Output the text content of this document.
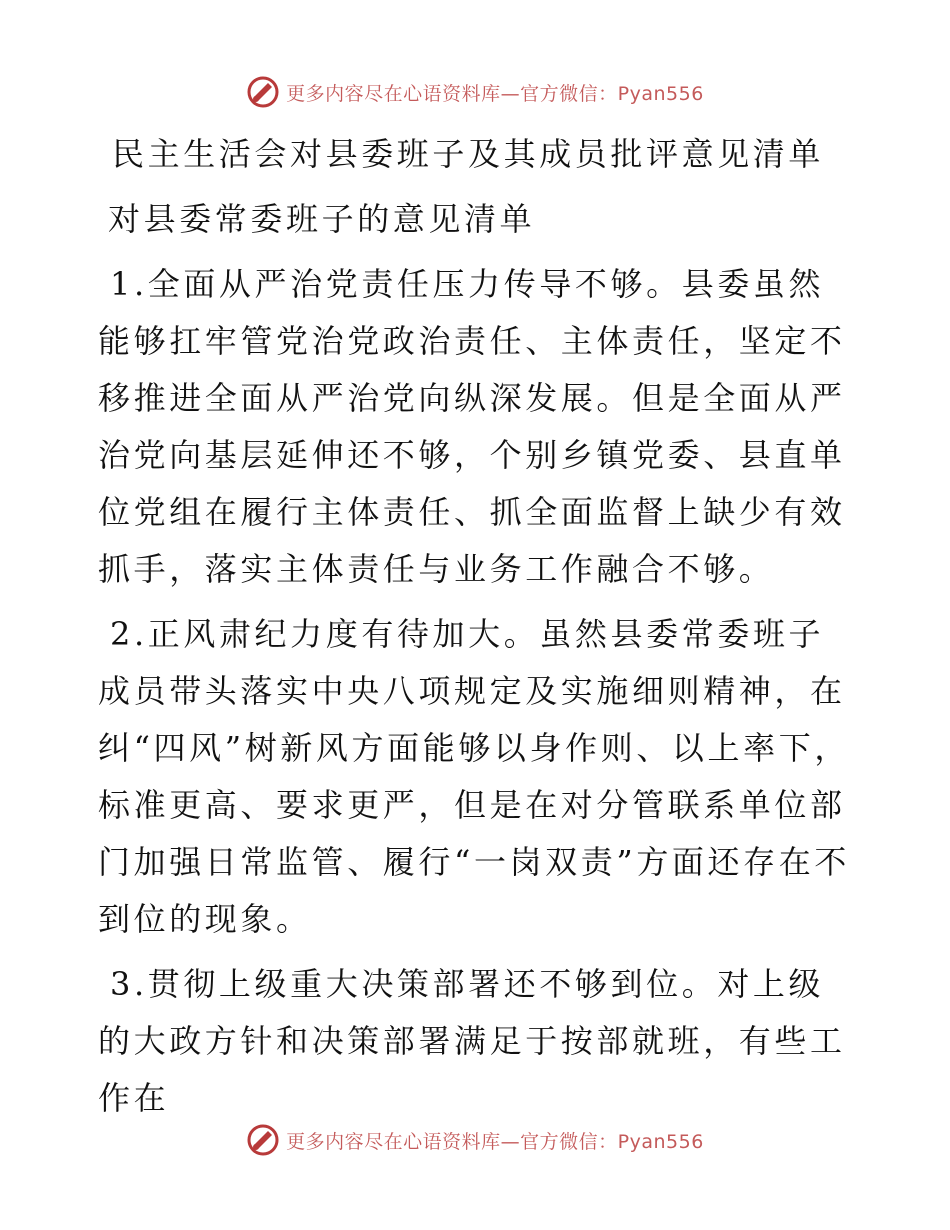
更多内容尽在心语资料库—官方微信：Pyan556
民主生活会对县委班子及其成员批评意见清单
对县委常委班子的意见清单

1.全面从严治党责任压力传导不够。县委虽然能够扛牢管党治党政治责任、主体责任，坚定不移推进全面从严治党向纵深发展。但是全面从严治党向基层延伸还不够，个别乡镇党委、县直单位党组在履行主体责任、抓全面监督上缺少有效抓手，落实主体责任与业务工作融合不够。

2.正风肃纪力度有待加大。虽然县委常委班子成员带头落实中央八项规定及实施细则精神，在纠“四风”树新风方面能够以身作则、以上率下，标准更高、要求更严，但是在对分管联系单位部门加强日常监管、履行“一岗双责”方面还存在不到位的现象。

3.贯彻上级重大决策部署还不够到位。对上级的大政方针和决策部署满足于按部就班，有些工作在

更多内容尽在心语资料库—官方微信：Pyan556
